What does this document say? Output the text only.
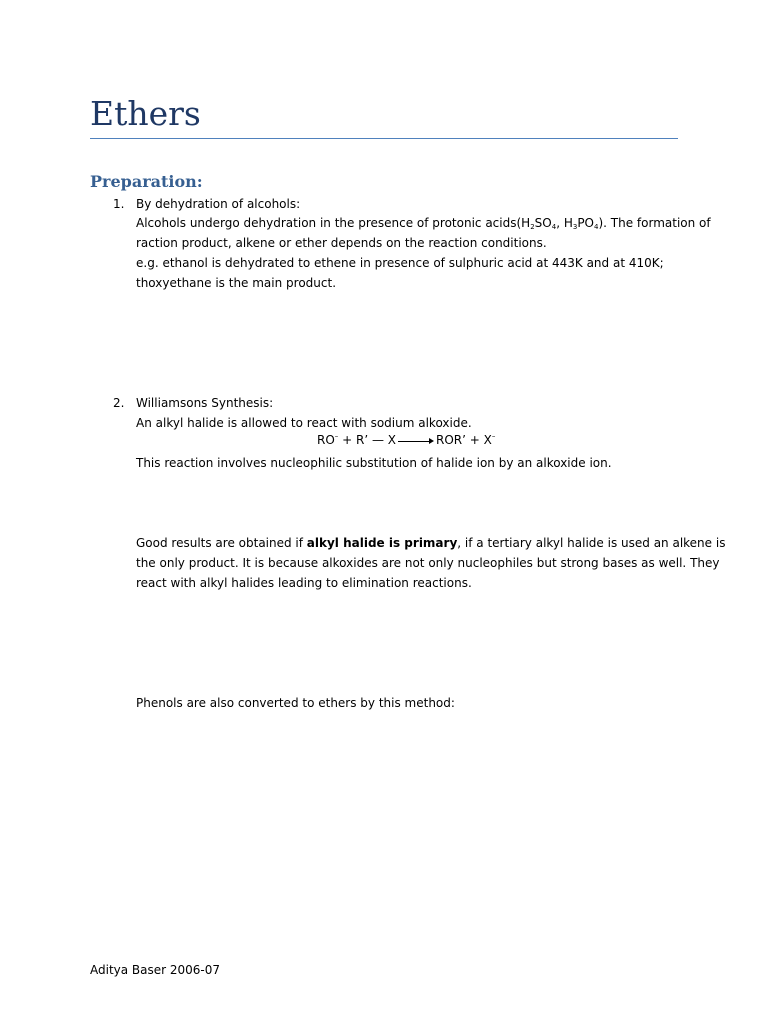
Ethers
Preparation:
1. By dehydration of alcohols:
Alcohols undergo dehydration in the presence of protonic $acids(H_2SO_4$, $H_3PO_4$). The formation of
raction product, alkene or ether depends on the reaction conditions.
e.g. ethanol is dehydrated to ethene in presence of sulphuric acid at 443K and at 410K;
thoxyethane is the main product.
2. Williamsons Synthesis:
An alkyl halide is allowed to react with sodium alkoxide.
RO– + R’ — X	ROR’ + X–
This reaction involves nucleophilic substitution of halide ion by an alkoxide ion.
Good results are obtained if alkyl halide is primary, if a tertiary alkyl halide is used an alkene is
the only product. It is because alkoxides are not only nucleophiles but strong bases as well. They
react with alkyl halides leading to elimination reactions.
Phenols are also converted to ethers by this method:
Aditya Baser 2006-07
